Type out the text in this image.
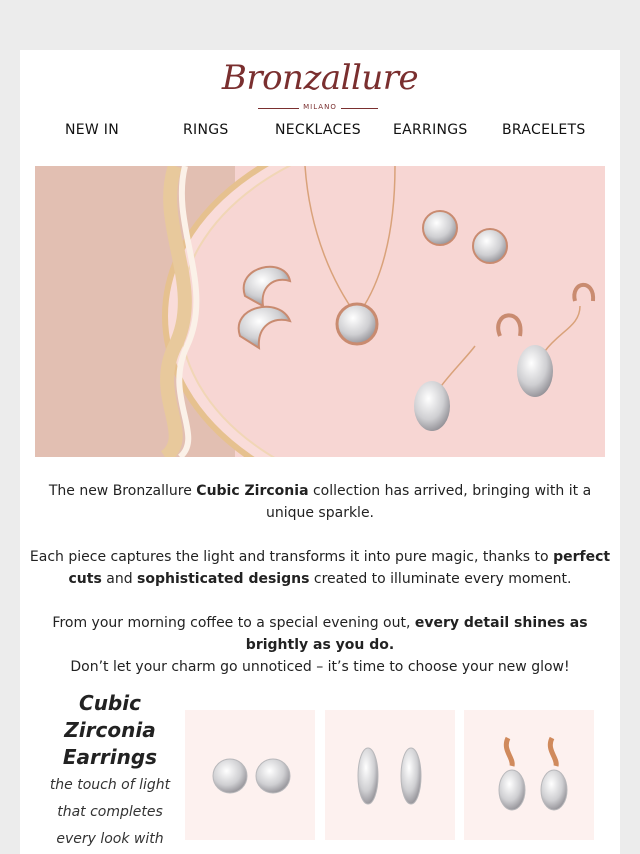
Bronzallure
MILANO
NEW IN	RINGS	NECKLACES EARRINGS BRACELETS
The new Bronzallure Cubic Zirconia collection has arrived, bringing with it a unique sparkle.
Each piece captures the light and transforms it into pure magic, thanks to perfect cuts and sophisticated designs created to illuminate every moment.
From your morning coffee to a special evening out, every detail shines as brightly as you do.
Don’t let your charm go unnoticed – it’s time to choose your new glow!
Cubic Zirconia Earrings
the touch of light that completes every look with
